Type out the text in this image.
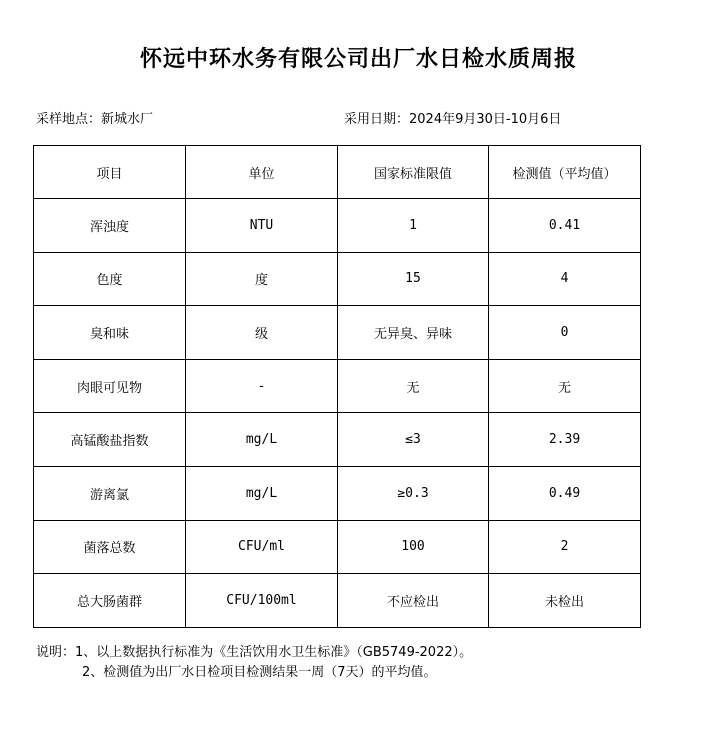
怀远中环水务有限公司出厂水日检水质周报
采样地点：新城水厂	采用日期：2024年9月30日-10月6日
项目	单位	国家标准限值	检测值（平均值）
浑浊度	NTU	1	0.41
色度	度	15	4
臭和味	级	无异臭、异味	0
肉眼可见物	-	无	无
高锰酸盐指数	mg/L	≤3	2.39
游离氯	mg/L	≥0.3	0.49
菌落总数	CFU/ml	100	2
总大肠菌群	CFU/100ml	不应检出	未检出
说明：1、以上数据执行标准为《生活饮用水卫生标准》（GB5749-2022）。
2、检测值为出厂水日检项目检测结果一周（7天）的平均值。
